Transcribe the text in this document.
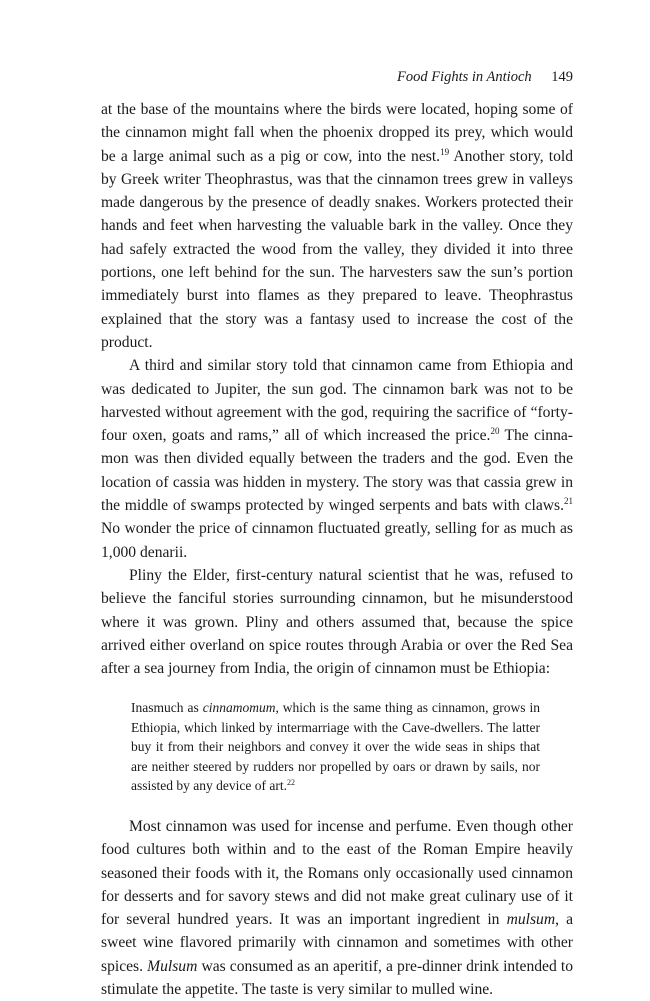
Food Fights in Antioch 149

at the base of the mountains where the birds were located, hoping some of the cinnamon might fall when the phoenix dropped its prey, which would be a large animal such as a pig or cow, into the nest.$^{19}$ Another story, told by Greek writer Theophrastus, was that the cinnamon trees grew in valleys made dangerous by the presence of deadly snakes. Workers protected their hands and feet when harvesting the valuable bark in the valley. Once they had safely extracted the wood from the valley, they divided it into three portions, one left behind for the sun. The harvesters saw the sun’s portion immediately burst into flames as they prepared to leave. Theophrastus explained that the story was a fantasy used to increase the cost of the product.

A third and similar story told that cinnamon came from Ethiopia and was dedicated to Jupiter, the sun god. The cinnamon bark was not to be harvested without agreement with the god, requiring the sacrifice of “forty-four oxen, goats and rams,” all of which increased the price.$^{20}$ The cinnamon was then divided equally between the traders and the god. Even the location of cassia was hidden in mystery. The story was that cassia grew in the middle of swamps protected by winged serpents and bats with claws.$^{21}$ No wonder the price of cinnamon fluctuated greatly, selling for as much as 1,000 denarii.

Pliny the Elder, first-century natural scientist that he was, refused to believe the fanciful stories surrounding cinnamon, but he misunderstood where it was grown. Pliny and others assumed that, because the spice arrived either overland on spice routes through Arabia or over the Red Sea after a sea journey from India, the origin of cinnamon must be Ethiopia:

Inasmuch as cinnamomum, which is the same thing as cinnamon, grows in Ethiopia, which linked by intermarriage with the Cave-dwellers. The latter buy it from their neighbors and convey it over the wide seas in ships that are neither steered by rudders nor propelled by oars or drawn by sails, nor assisted by any device of art.$^{22}$

Most cinnamon was used for incense and perfume. Even though other food cultures both within and to the east of the Roman Empire heavily seasoned their foods with it, the Romans only occasionally used cinnamon for desserts and for savory stews and did not make great culinary use of it for several hundred years. It was an important ingredient in mulsum, a sweet wine flavored primarily with cinnamon and sometimes with other spices. Mulsum was consumed as an aperitif, a pre-dinner drink intended to stimulate the appetite. The taste is very similar to mulled wine.
